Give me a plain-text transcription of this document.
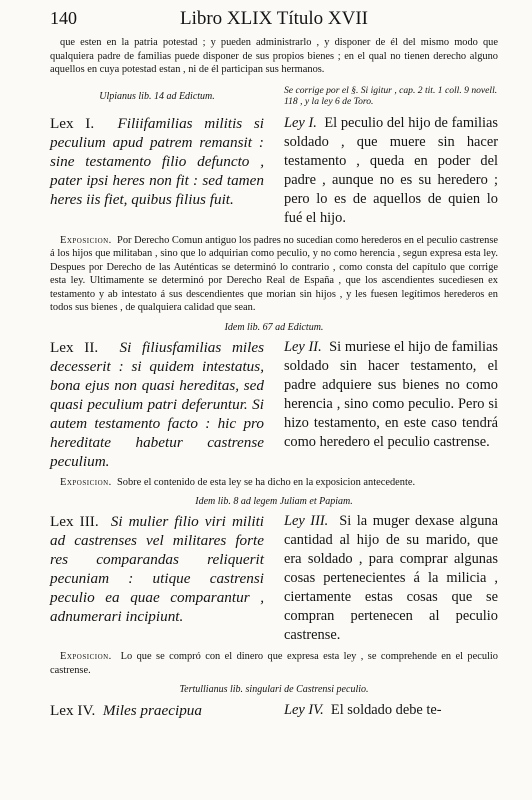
140	Libro XLIX Título XVII

que esten en la patria potestad ; y pueden administrarlo , y disponer de él del mismo modo que qualquiera padre de familias puede disponer de sus propios bienes ; en el qual no tienen derecho alguno aquellos en cuya potestad estan , ni de él participan sus hermanos.

Ulpianus lib. 14 ad Edictum.

Se corrige por el §. Si igitur , cap. 2 tit. 1 coll. 9 novell. 118 , y la ley 6 de Toro.

Lex I. Filiifamilias militis si peculium apud patrem remansit : sine testamento filio defuncto , pater ipsi heres non fit : sed tamen heres iis fiet, quibus filius fuit.

Ley I. El peculio del hijo de familias soldado , que muere sin hacer testamento , queda en poder del padre , aunque no es su heredero ; pero lo es de aquellos de quien lo fué el hijo.

Exposicion. Por Derecho Comun antiguo los padres no sucedian como herederos en el peculio castrense á los hijos que militaban , sino que lo adquirian como peculio, y no como herencia , segun expresa esta ley. Despues por Derecho de las Auténticas se determinó lo contrario , como consta del capítulo que corrige esta ley. Ultimamente se determinó por Derecho Real de España , que los ascendientes sucediesen ex testamento y ab intestato á sus descendientes que morian sin hijos , y les fuesen legítimos herederos en todos sus bienes , de qualquiera calidad que sean.

Idem lib. 67 ad Edictum.

Lex II. Si filiusfamilias miles decesserit : si quidem intestatus, bona ejus non quasi hereditas, sed quasi peculium patri deferuntur. Si autem testamento facto : hic pro hereditate habetur castrense peculium.

Ley II. Si muriese el hijo de familias soldado sin hacer testamento, el padre adquiere sus bienes no como herencia , sino como peculio. Pero si hizo testamento, en este caso tendrá como heredero el peculio castrense.

Exposicion. Sobre el contenido de esta ley se ha dicho en la exposicion antecedente.

Idem lib. 8 ad legem Juliam et Papiam.

Lex III. Si mulier filio viri militi ad castrenses vel militares forte res comparandas reliquerit pecuniam : utique castrensi peculio ea quae comparantur , adnumerari incipiunt.

Ley III. Si la muger dexase alguna cantidad al hijo de su marido, que era soldado , para comprar algunas cosas pertenecientes á la milicia , ciertamente estas cosas que se compran pertenecen al peculio castrense.

Exposicion. Lo que se compró con el dinero que expresa esta ley , se comprehende en el peculio castrense.

Tertullianus lib. singulari de Castrensi peculio.

Lex IV. Miles praecipua	Ley IV. El soldado debe te-
